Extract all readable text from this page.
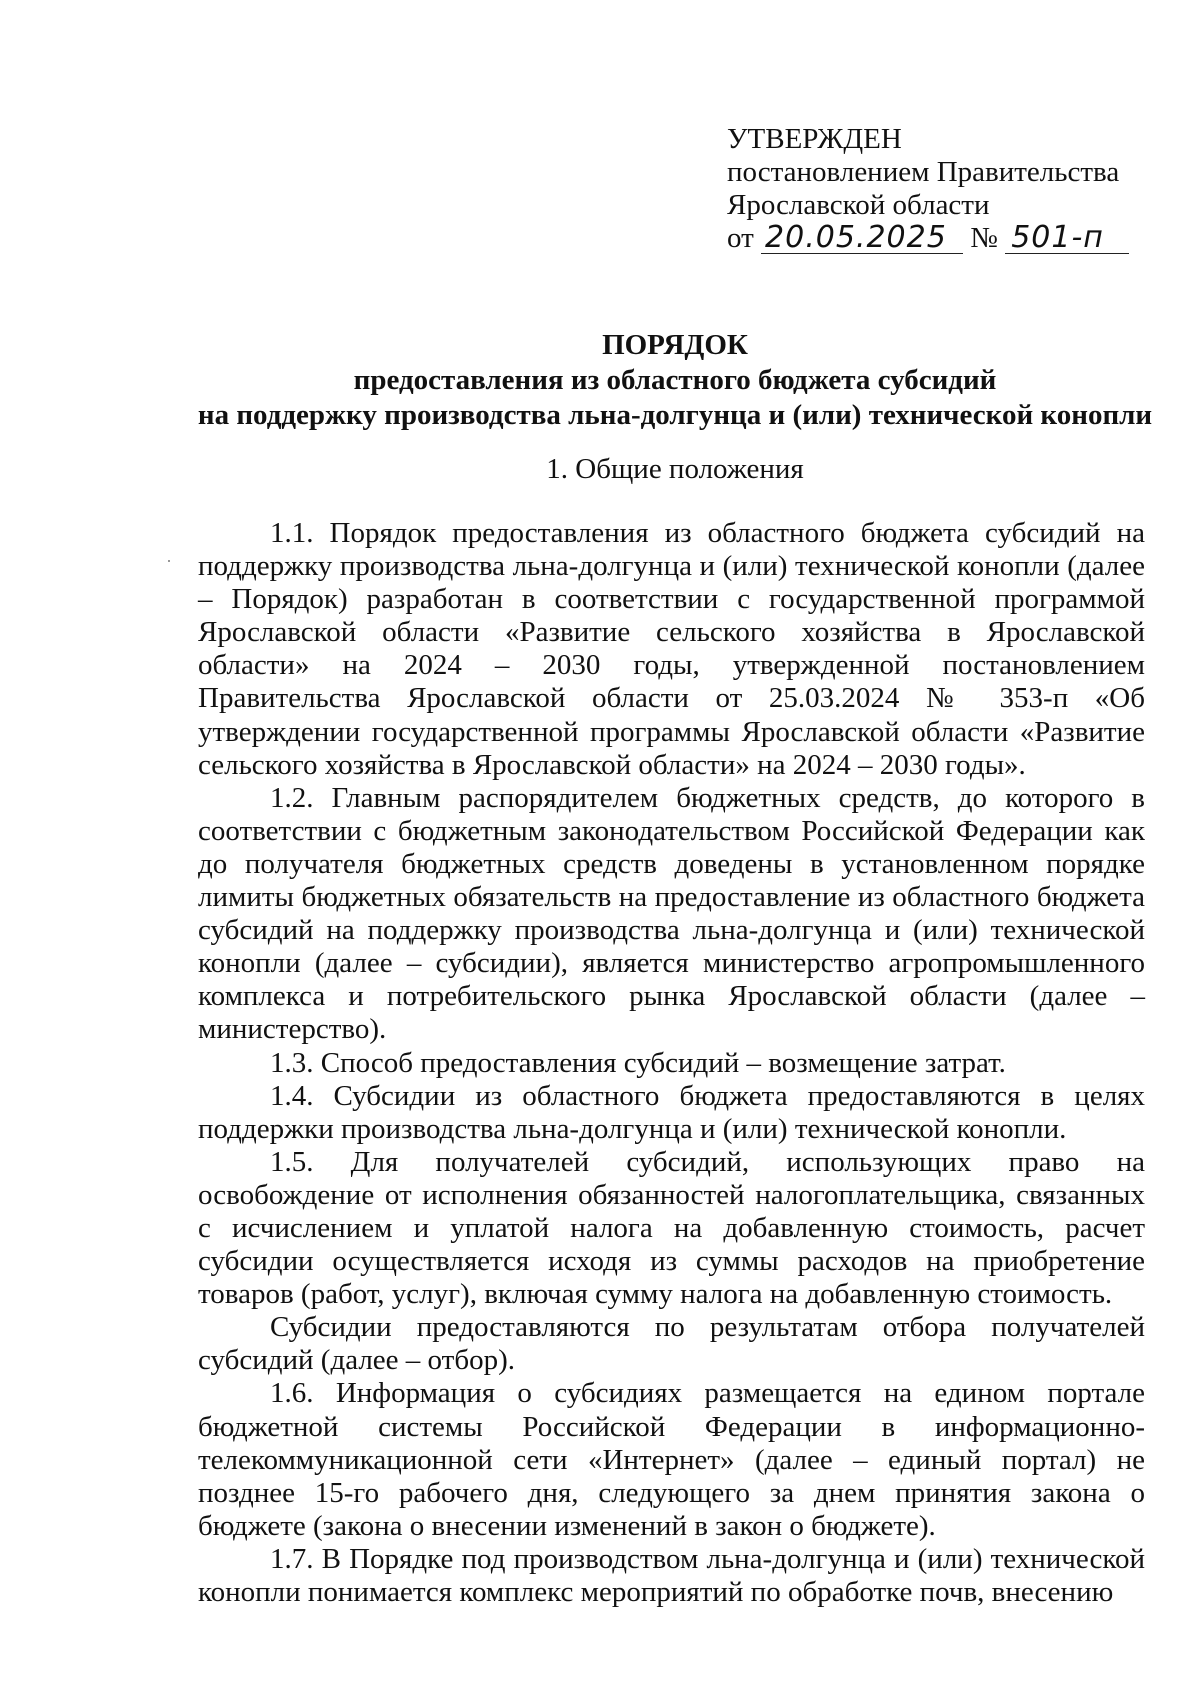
УТВЕРЖДЕН
постановлением Правительства
Ярославской области
от 20.05.2025 № 501-п
ПОРЯДОК
предоставления из областного бюджета субсидий
на поддержку производства льна-долгунца и (или) технической конопли
1. Общие положения

1.1. Порядок предоставления из областного бюджета субсидий на поддержку производства льна-долгунца и (или) технической конопли (далее – Порядок) разработан в соответствии с государственной программой Ярославской области «Развитие сельского хозяйства в Ярославской области» на 2024 – 2030 годы, утвержденной постановлением Правительства Ярославской области от 25.03.2024 № 353-п «Об утверждении государственной программы Ярославской области «Развитие сельского хозяйства в Ярославской области» на 2024 – 2030 годы».

1.2. Главным распорядителем бюджетных средств, до которого в соответствии с бюджетным законодательством Российской Федерации как до получателя бюджетных средств доведены в установленном порядке лимиты бюджетных обязательств на предоставление из областного бюджета субсидий на поддержку производства льна-долгунца и (или) технической конопли (далее – субсидии), является министерство агропромышленного комплекса и потребительского рынка Ярославской области (далее – министерство).

1.3. Способ предоставления субсидий – возмещение затрат.

1.4. Субсидии из областного бюджета предоставляются в целях поддержки производства льна-долгунца и (или) технической конопли.

1.5. Для получателей субсидий, использующих право на освобождение от исполнения обязанностей налогоплательщика, связанных с исчислением и уплатой налога на добавленную стоимость, расчет субсидии осуществляется исходя из суммы расходов на приобретение товаров (работ, услуг), включая сумму налога на добавленную стоимость.

Субсидии предоставляются по результатам отбора получателей субсидий (далее – отбор).

1.6. Информация о субсидиях размещается на едином портале бюджетной системы Российской Федерации в информационно-телекоммуникационной сети «Интернет» (далее – единый портал) не позднее 15-го рабочего дня, следующего за днем принятия закона о бюджете (закона о внесении изменений в закон о бюджете).

1.7. В Порядке под производством льна-долгунца и (или) технической конопли понимается комплекс мероприятий по обработке почв, внесению
